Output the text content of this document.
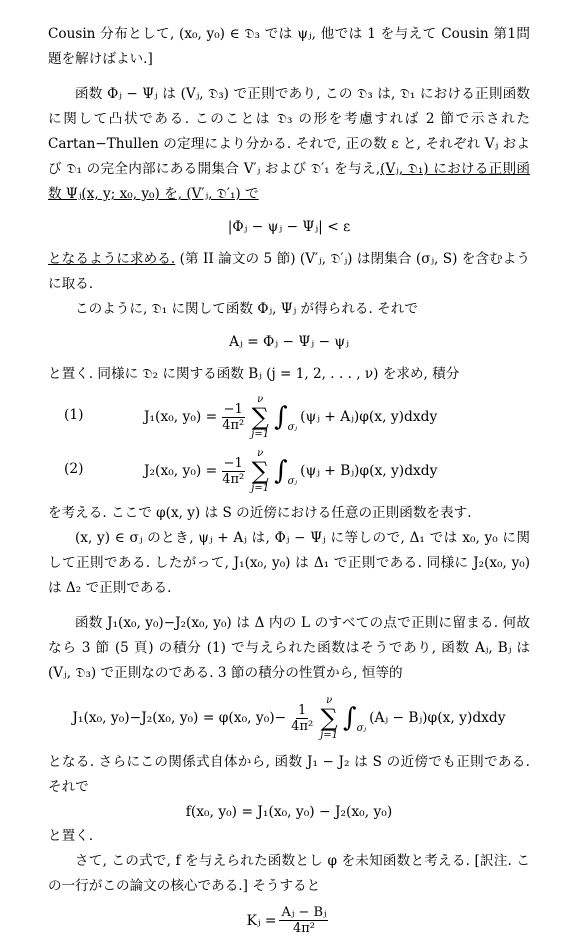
Cousin 分布として, (x₀, y₀) ∈ 𝔇₃ では ψⱼ, 他では 1 を与えて Cousin 第1問題を解けばよい.]

函数 Φⱼ − Ψⱼ は (Vⱼ, 𝔇₃) で正則であり, この 𝔇₃ は, 𝔇₁ における正則函数に関して凸状である. このことは 𝔇₃ の形を考慮すれば 2 節で示された Cartan−Thullen の定理により分かる. それで, 正の数 ε と, それぞれ Vⱼ および 𝔇₁ の完全内部にある開集合 V′ⱼ および 𝔇′₁ を与え,(Vⱼ, 𝔇₁) における正則函数 Ψⱼ(x, y; x₀, y₀) を, (V′ⱼ, 𝔇′₁) で

|Φⱼ − ψⱼ − Ψⱼ| < ε

となるように求める. (第 II 論文の 5 節) (V′ⱼ, 𝔇′ⱼ) は閉集合 (σⱼ, S) を含むように取る.

このように, 𝔇₁ に関して函数 Φⱼ, Ψⱼ が得られる. それで

Aⱼ = Φⱼ − Ψⱼ − ψⱼ

と置く. 同様に 𝔇₂ に関する函数 Bⱼ (j = 1, 2, . . . , ν) を求め, 積分

(1)	J₁(x₀, $y_0) = \frac{-1}{\text{4π²}}$
ν
∑
j=1
∫ σⱼ
(ψⱼ + Aⱼ)φ(x, y)dxdy
(2)	J₂(x₀, $y_0) = \frac{-1}{\text{4π²}}$
ν
∑
j=1
∫ σⱼ
(ψⱼ + Bⱼ)φ(x, y)dxdy

を考える. ここで φ(x, y) は S の近傍における任意の正則函数を表す.

(x, y) ∈ σⱼ のとき, ψⱼ + Aⱼ は, Φⱼ − Ψⱼ に等しので, Δ₁ では x₀, y₀ に関して正則である. したがって, J₁(x₀, y₀) は Δ₁ で正則である. 同様に J₂(x₀, y₀) は Δ₂ で正則である.

函数 J₁(x₀, y₀)−J₂(x₀, y₀) は Δ 内の L のすべての点で正則に留まる. 何故なら 3 節 (5 頁) の積分 (1) で与えられた函数はそうであり, 函数 Aⱼ, Bⱼ は (Vⱼ, 𝔇₃) で正則なのである. 3 節の積分の性質から, 恒等的

J₁(x₀, y₀)−J₂(x₀, y₀) = φ(x₀, $y_0)- \frac{1}{\text{4π²}}$
ν
∑
j=1
∫ σⱼ
(Aⱼ − Bⱼ)φ(x, y)dxdy

となる. さらにこの関係式自体から, 函数 J₁ − J₂ は S の近傍でも正則である. それで

f(x₀, y₀) = J₁(x₀, y₀) − J₂(x₀, y₀)

と置く.

さて, この式で, f を与えられた函数とし φ を未知函数と考える. [訳注. この一行がこの論文の核心である.] そうすると

Kⱼ = $\frac{\text{Aⱼ − Bⱼ}}{\text{4π²}}$
